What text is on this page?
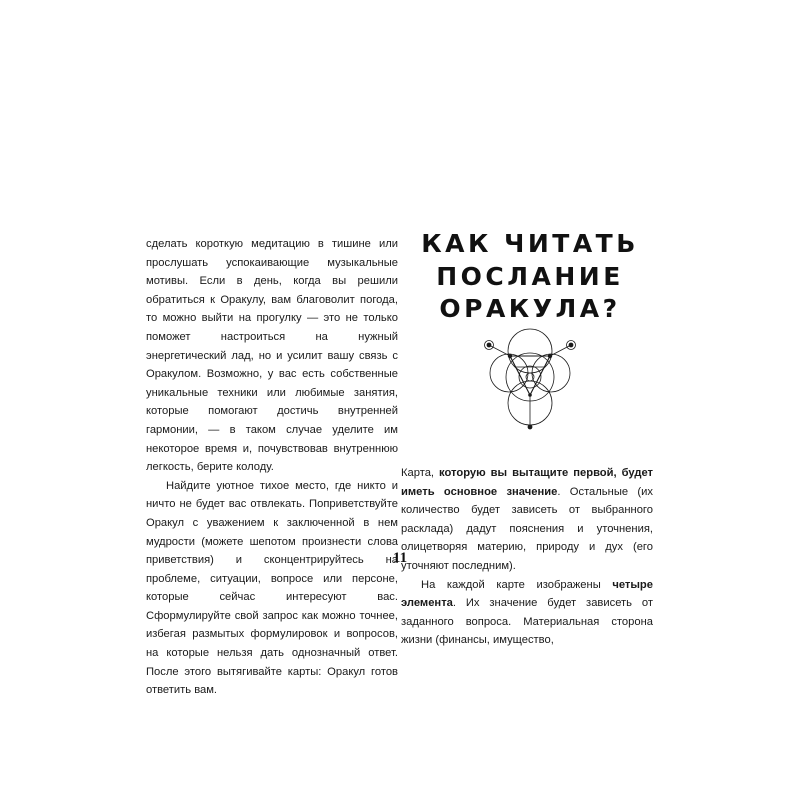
сделать короткую медитацию в тишине или прослушать успокаивающие музыкальные мотивы. Если в день, когда вы решили обратиться к Оракулу, вам благоволит погода, то можно выйти на прогулку — это не только поможет настроиться на нужный энергетический лад, но и усилит вашу связь с Оракулом. Возможно, у вас есть собственные уникальные техники или любимые занятия, которые помогают достичь внутренней гармонии, — в таком случае уделите им некоторое время и, почувствовав внутреннюю легкость, берите колоду.

Найдите уютное тихое место, где никто и ничто не будет вас отвлекать. Поприветствуйте Оракул с уважением к заключенной в нем мудрости (можете шепотом произнести слова приветствия) и сконцентрируйтесь на проблеме, ситуации, вопросе или персоне, которые сейчас интересуют вас. Сформулируйте свой запрос как можно точнее, избегая размытых формулировок и вопросов, на которые нельзя дать однозначный ответ. После этого вытягивайте карты: Оракул готов ответить вам.

КАК ЧИТАТЬ
ПОСЛАНИЕ
ОРАКУЛА?

Карта, которую вы вытащите первой, будет иметь основное значение. Остальные (их количество будет зависеть от выбранного расклада) дадут пояснения и уточнения, олицетворяя материю, природу и дух (его уточняют последним).

На каждой карте изображены четыре элемента. Их значение будет зависеть от заданного вопроса. Материальная сторона жизни (финансы, имущество,

11
